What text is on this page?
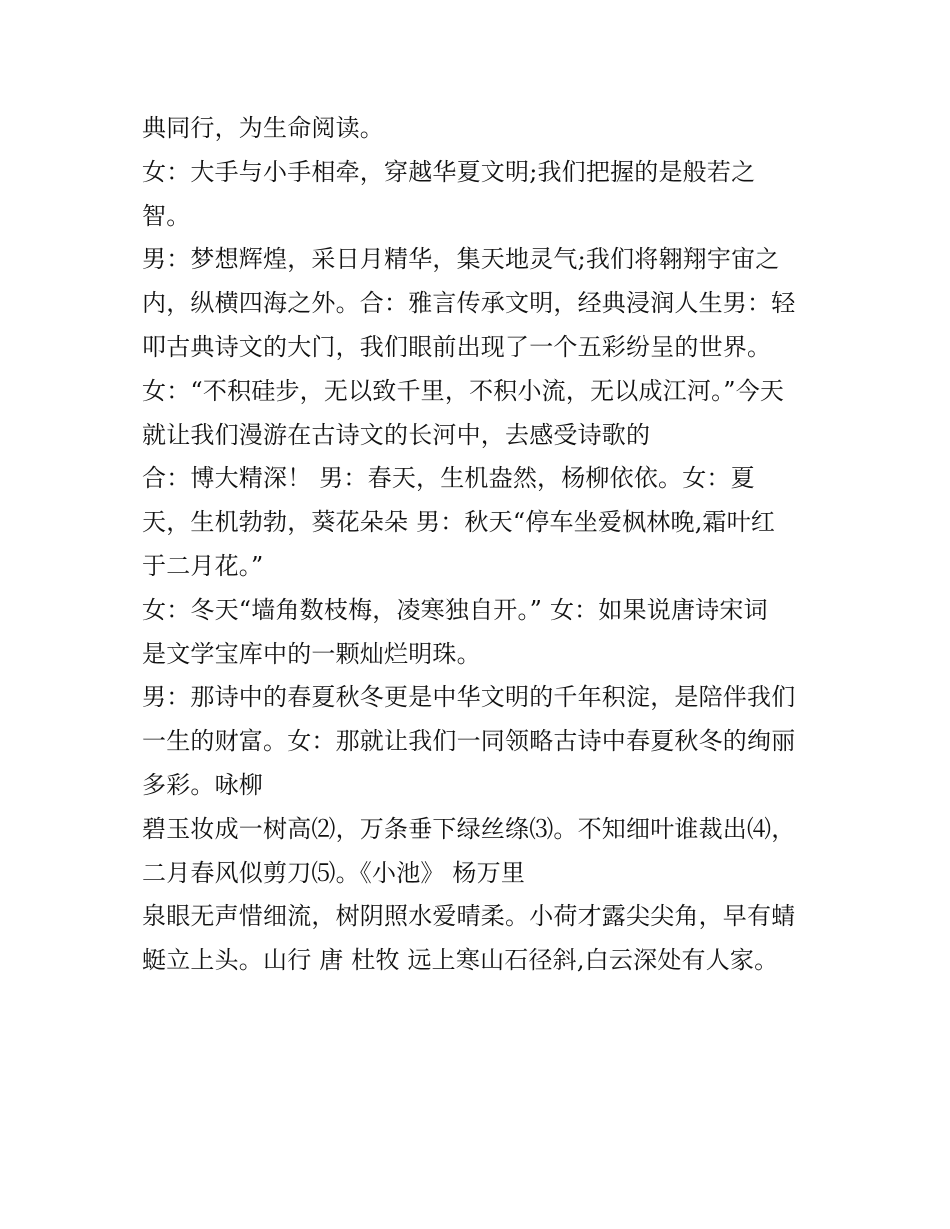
典同行，为生命阅读。
女：大手与小手相牵，穿越华夏文明;我们把握的是般若之
智。
男：梦想辉煌，采日月精华，集天地灵气;我们将翱翔宇宙之
内，纵横四海之外。合：雅言传承文明，经典浸润人生男：轻
叩古典诗文的大门，我们眼前出现了一个五彩纷呈的世界。
女：“不积硅步，无以致千里，不积小流，无以成江河。”今天
就让我们漫游在古诗文的长河中，去感受诗歌的
合：博大精深！ 男：春天，生机盎然，杨柳依依。女：夏
天，生机勃勃，葵花朵朵 男：秋天“停车坐爱枫林晚,霜叶红
于二月花。”
女：冬天“墙角数枝梅，凌寒独自开。” 女：如果说唐诗宋词
是文学宝库中的一颗灿烂明珠。
男：那诗中的春夏秋冬更是中华文明的千年积淀，是陪伴我们
一生的财富。女：那就让我们一同领略古诗中春夏秋冬的绚丽
多彩。咏柳
碧玉妆成一树高⑵，万条垂下绿丝绦⑶。不知细叶谁裁出⑷，
二月春风似剪刀⑸。《小池》 杨万里
泉眼无声惜细流，树阴照水爱晴柔。小荷才露尖尖角，早有蜻
蜓立上头。山行 唐 杜牧 远上寒山石径斜,白云深处有人家。
